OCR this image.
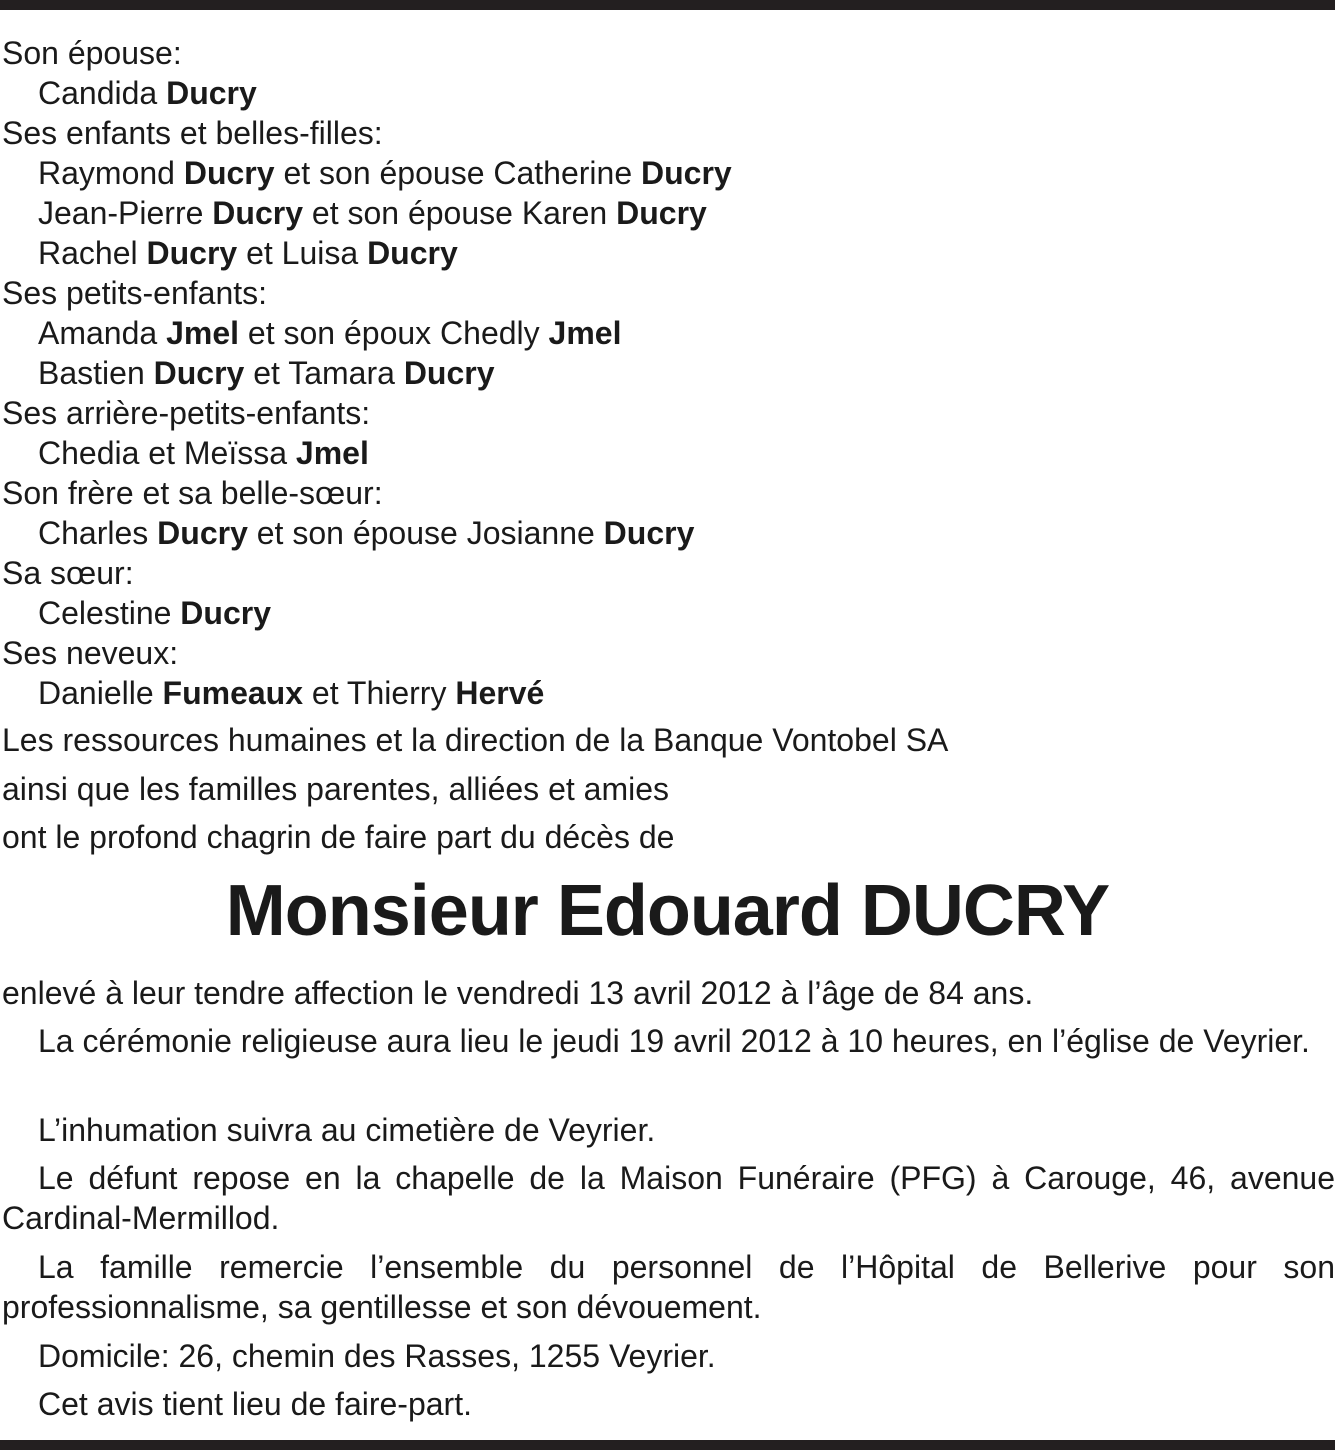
Son épouse:
Candida Ducry
Ses enfants et belles-filles:
Raymond Ducry et son épouse Catherine Ducry
Jean-Pierre Ducry et son épouse Karen Ducry
Rachel Ducry et Luisa Ducry
Ses petits-enfants:
Amanda Jmel et son époux Chedly Jmel
Bastien Ducry et Tamara Ducry
Ses arrière-petits-enfants:
Chedia et Meïssa Jmel
Son frère et sa belle-sœur:
Charles Ducry et son épouse Josianne Ducry
Sa sœur:
Celestine Ducry
Ses neveux:
Danielle Fumeaux et Thierry Hervé
Les ressources humaines et la direction de la Banque Vontobel SA
ainsi que les familles parentes, alliées et amies
ont le profond chagrin de faire part du décès de
Monsieur Edouard DUCRY
enlevé à leur tendre affection le vendredi 13 avril 2012 à l’âge de 84 ans.
La cérémonie religieuse aura lieu le jeudi 19 avril 2012 à 10 heures, en l’église de Veyrier.
L’inhumation suivra au cimetière de Veyrier.
Le défunt repose en la chapelle de la Maison Funéraire (PFG) à Carouge, 46, avenue Cardinal-Mermillod.
La famille remercie l’ensemble du personnel de l’Hôpital de Bellerive pour son professionnalisme, sa gentillesse et son dévouement.
Domicile: 26, chemin des Rasses, 1255 Veyrier.
Cet avis tient lieu de faire-part.
